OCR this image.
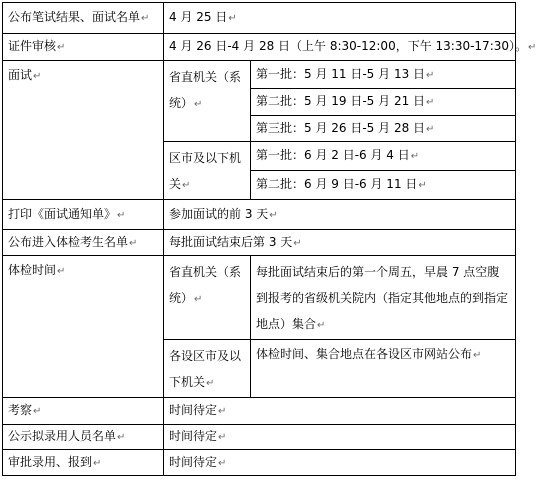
公布笔试结果、面试名单↵	4 月 25 日↵	
证件审核↵	4 月 26 日-4 月 28 日（上午 8:30-12:00，下午 13:30-17:30）。↵	
面试↵	省直机关（系统）↵	第一批：5 月 11 日-5 月 13 日↵
		第二批：5 月 19 日-5 月 21 日↵
		第三批：5 月 26 日-5 月 28 日↵
	区市及以下机关↵	第一批：6 月 2 日-6 月 4 日↵
		第二批：6 月 9 日-6 月 11 日↵
打印《面试通知单》↵	参加面试的前 3 天↵	
公布进入体检考生名单↵	每批面试结束后第 3 天↵	
体检时间↵	省直机关（系统）↵	每批面试结束后的第一个周五，早晨 7 点空腹到报考的省级机关院内（指定其他地点的到指定地点）集合↵
	各设区市及以下机关↵	体检时间、集合地点在各设区市网站公布↵
考察↵	时间待定↵	
公示拟录用人员名单↵	时间待定↵	
审批录用、报到↵	时间待定↵	
